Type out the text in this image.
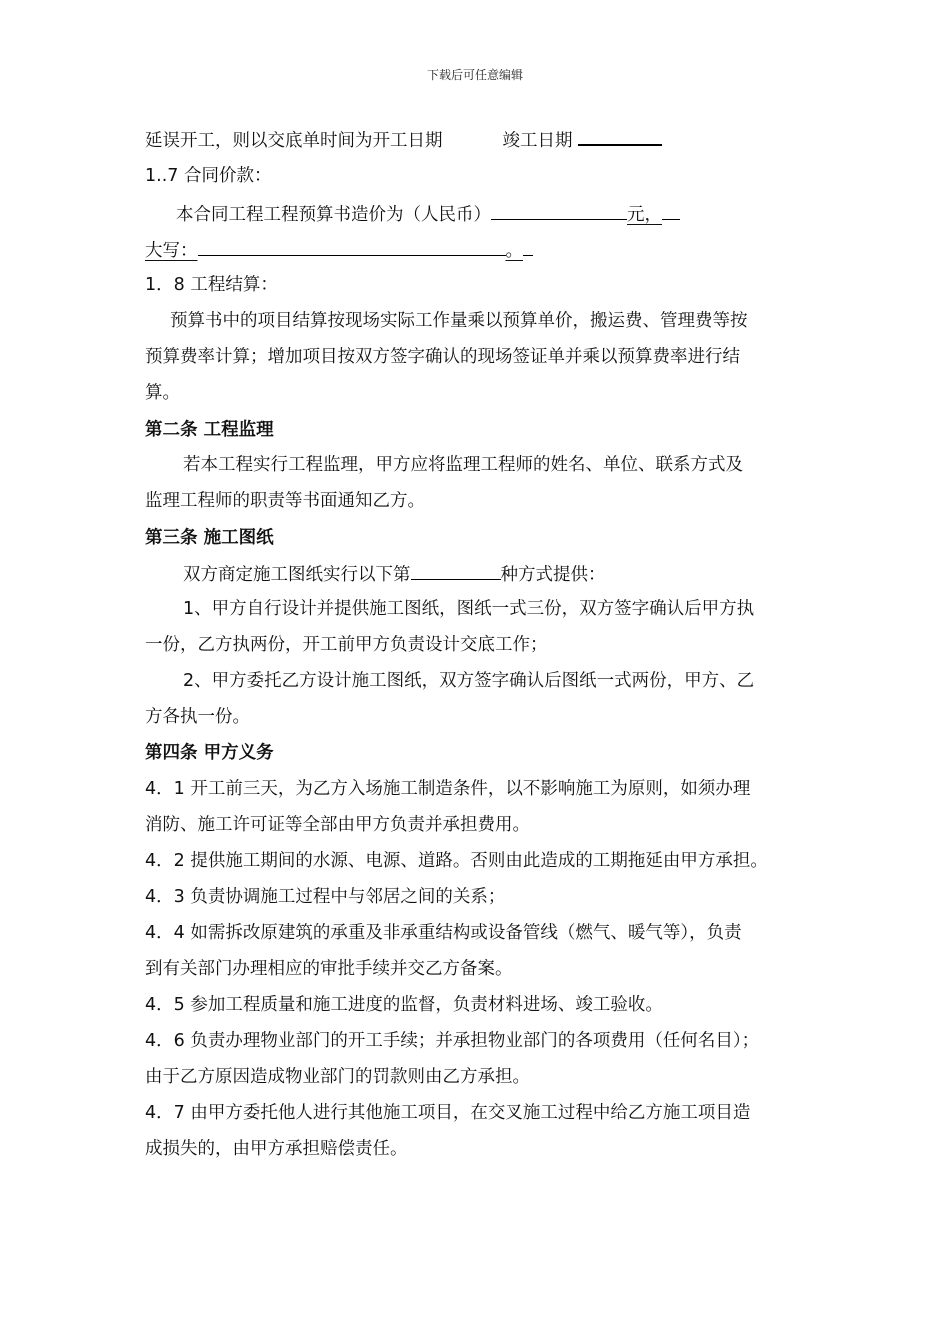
下载后可任意编辑
延误开工，则以交底单时间为开工日期	竣工日期
1..7 合同价款：
本合同工程工程预算书造价为（人民币）	元，
大写：	。
1．8 工程结算：
预算书中的项目结算按现场实际工作量乘以预算单价，搬运费、管理费等按
预算费率计算；增加项目按双方签字确认的现场签证单并乘以预算费率进行结
算。
第二条 工程监理
若本工程实行工程监理，甲方应将监理工程师的姓名、单位、联系方式及
监理工程师的职责等书面通知乙方。
第三条 施工图纸
双方商定施工图纸实行以下第	种方式提供：
1、甲方自行设计并提供施工图纸，图纸一式三份，双方签字确认后甲方执
一份，乙方执两份，开工前甲方负责设计交底工作；
2、甲方委托乙方设计施工图纸，双方签字确认后图纸一式两份，甲方、乙
方各执一份。
第四条 甲方义务
4．1 开工前三天，为乙方入场施工制造条件，以不影响施工为原则，如须办理
消防、施工许可证等全部由甲方负责并承担费用。
4．2 提供施工期间的水源、电源、道路。否则由此造成的工期拖延由甲方承担。
4．3 负责协调施工过程中与邻居之间的关系；
4．4 如需拆改原建筑的承重及非承重结构或设备管线（燃气、暖气等），负责
到有关部门办理相应的审批手续并交乙方备案。
4．5 参加工程质量和施工进度的监督，负责材料进场、竣工验收。
4．6 负责办理物业部门的开工手续；并承担物业部门的各项费用（任何名目）；
由于乙方原因造成物业部门的罚款则由乙方承担。
4．7 由甲方委托他人进行其他施工项目，在交叉施工过程中给乙方施工项目造
成损失的，由甲方承担赔偿责任。
